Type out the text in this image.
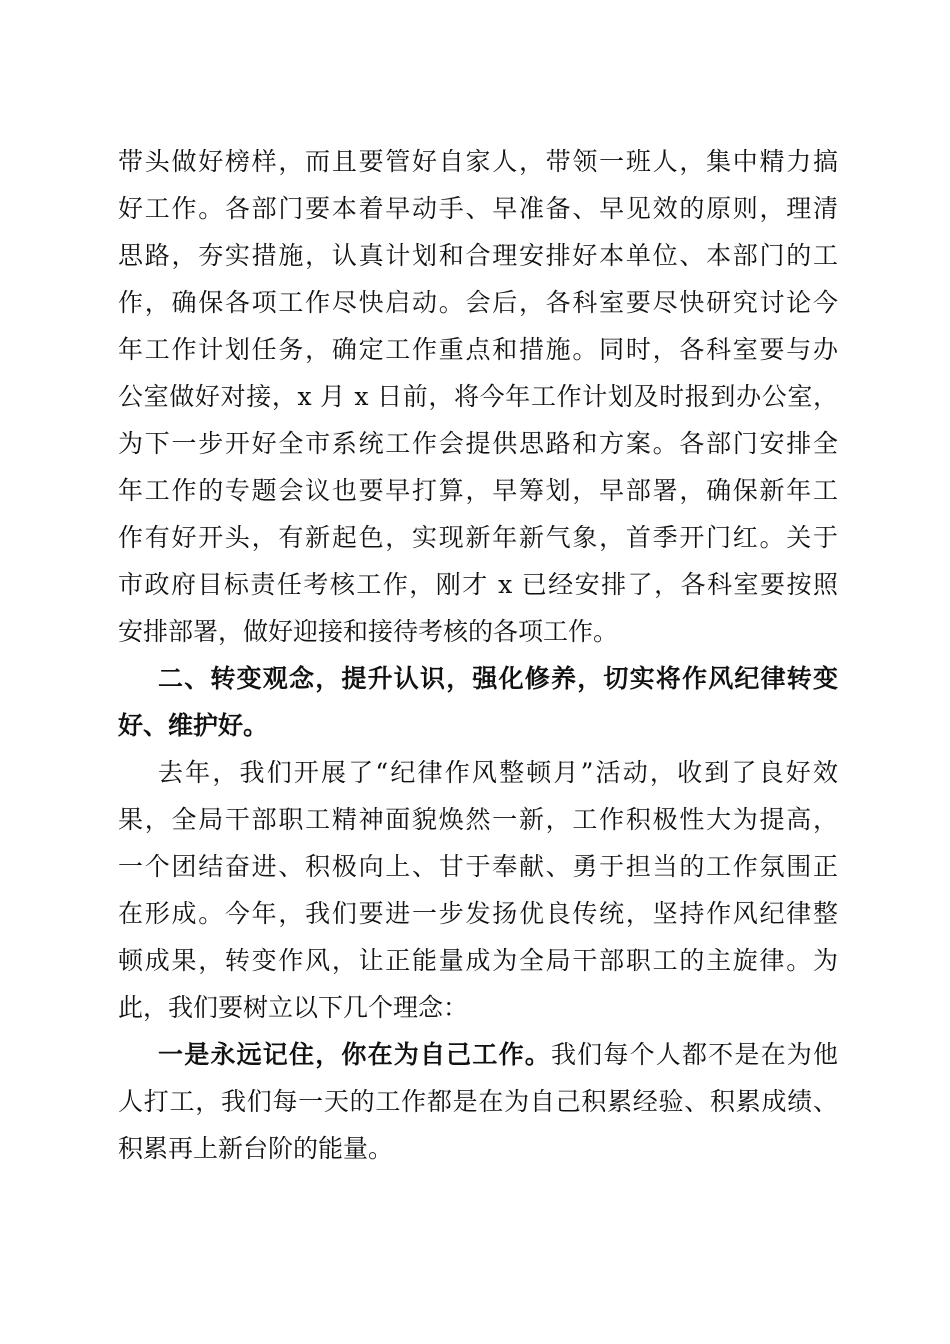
带头做好榜样，而且要管好自家人，带领一班人，集中精力搞
好工作。各部门要本着早动手、早准备、早见效的原则，理清
思路，夯实措施，认真计划和合理安排好本单位、本部门的工
作，确保各项工作尽快启动。会后，各科室要尽快研究讨论今
年工作计划任务，确定工作重点和措施。同时，各科室要与办
公室做好对接，x 月 x 日前，将今年工作计划及时报到办公室，
为下一步开好全市系统工作会提供思路和方案。各部门安排全
年工作的专题会议也要早打算，早筹划，早部署，确保新年工
作有好开头，有新起色，实现新年新气象，首季开门红。关于
市政府目标责任考核工作，刚才 x 已经安排了，各科室要按照
安排部署，做好迎接和接待考核的各项工作。
二、转变观念，提升认识，强化修养，切实将作风纪律转变
好、维护好。
去年，我们开展了“纪律作风整顿月”活动，收到了良好效
果，全局干部职工精神面貌焕然一新，工作积极性大为提高，
一个团结奋进、积极向上、甘于奉献、勇于担当的工作氛围正
在形成。今年，我们要进一步发扬优良传统，坚持作风纪律整
顿成果，转变作风，让正能量成为全局干部职工的主旋律。为
此，我们要树立以下几个理念：
一是永远记住，你在为自己工作。我们每个人都不是在为他
人打工，我们每一天的工作都是在为自己积累经验、积累成绩、
积累再上新台阶的能量。
